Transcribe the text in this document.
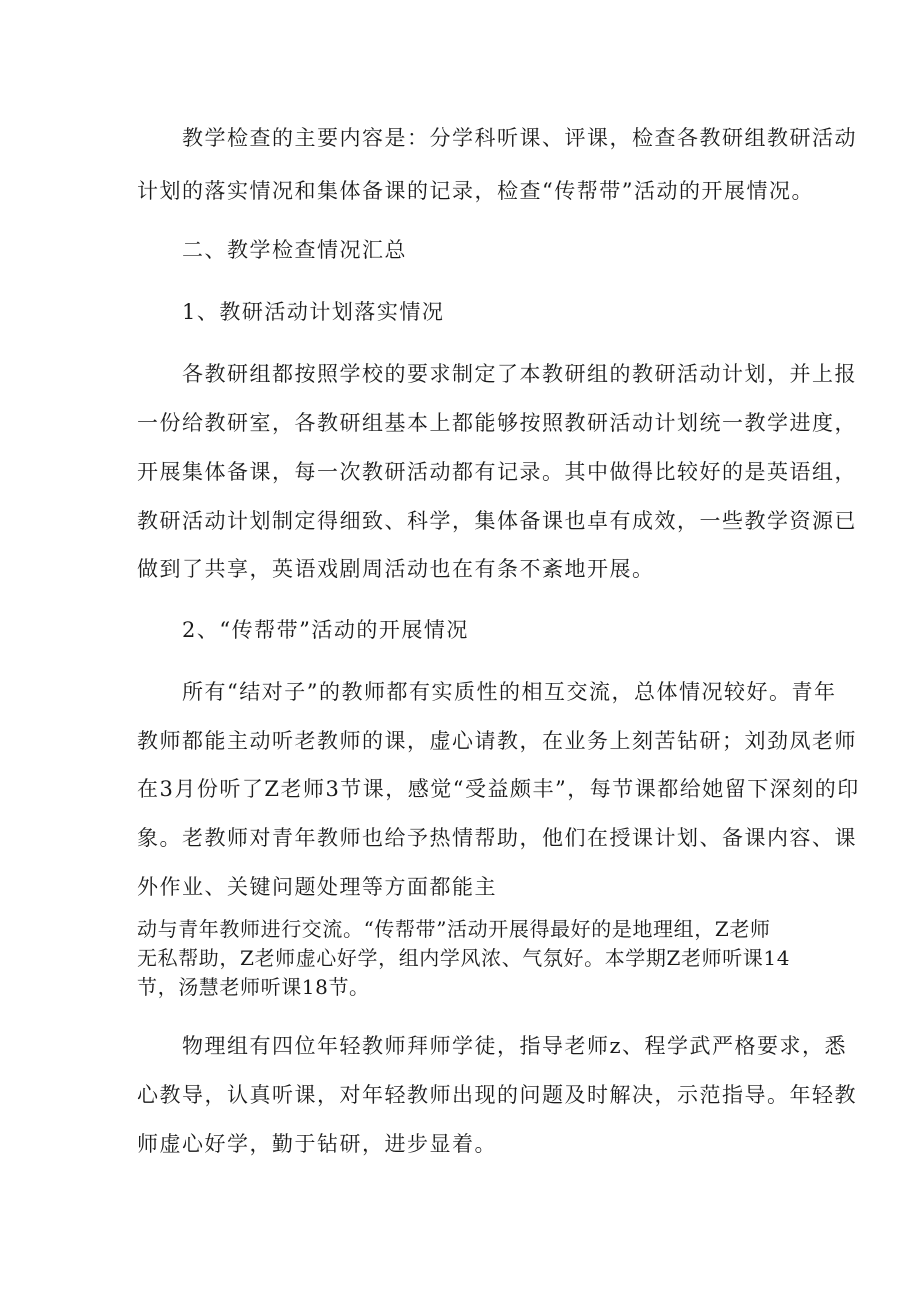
　　教学检查的主要内容是：分学科听课、评课，检查各教研组教研活动

计划的落实情况和集体备课的记录，检查“传帮带”活动的开展情况。

　　二、教学检查情况汇总

　　1、教研活动计划落实情况

　　各教研组都按照学校的要求制定了本教研组的教研活动计划，并上报

一份给教研室，各教研组基本上都能够按照教研活动计划统一教学进度，

开展集体备课，每一次教研活动都有记录。其中做得比较好的是英语组，

教研活动计划制定得细致、科学，集体备课也卓有成效，一些教学资源已

做到了共享，英语戏剧周活动也在有条不紊地开展。

　　2、“传帮带”活动的开展情况

　　所有“结对子”的教师都有实质性的相互交流，总体情况较好。青年

教师都能主动听老教师的课，虚心请教，在业务上刻苦钻研；刘劲凤老师

在3月份听了Z老师3节课，感觉“受益颇丰”，每节课都给她留下深刻的印

象。老教师对青年教师也给予热情帮助，他们在授课计划、备课内容、课

外作业、关键问题处理等方面都能主

动与青年教师进行交流。“传帮带”活动开展得最好的是地理组，Z老师

无私帮助，Z老师虚心好学，组内学风浓、气氛好。本学期Z老师听课14

节，汤慧老师听课18节。

　　物理组有四位年轻教师拜师学徒，指导老师z、程学武严格要求，悉

心教导，认真听课，对年轻教师出现的问题及时解决，示范指导。年轻教

师虚心好学，勤于钻研，进步显着。
